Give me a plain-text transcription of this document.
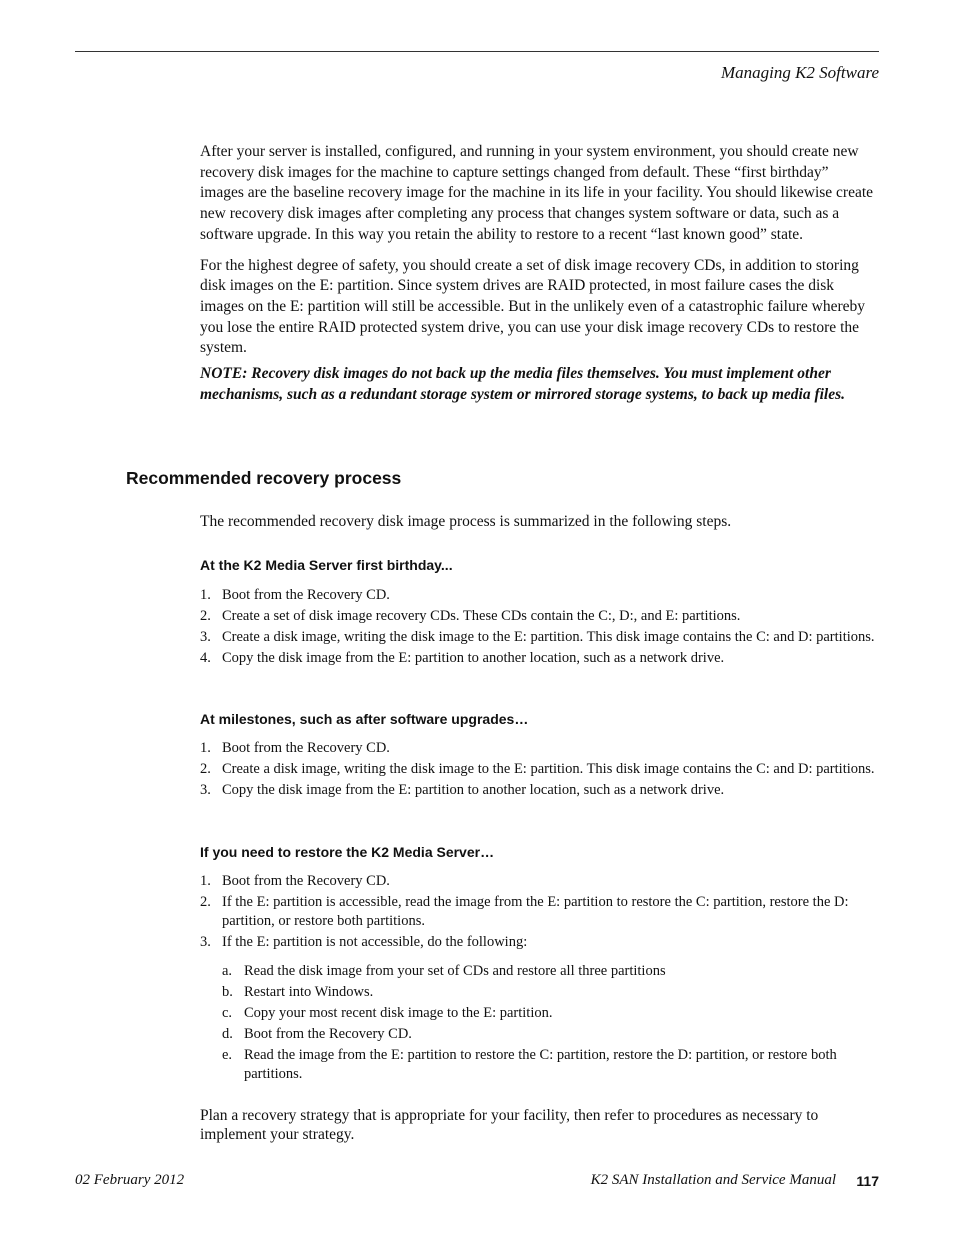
Managing K2 Software

After your server is installed, configured, and running in your system environment, you should create new recovery disk images for the machine to capture settings changed from default. These “first birthday” images are the baseline recovery image for the machine in its life in your facility. You should likewise create new recovery disk images after completing any process that changes system software or data, such as a software upgrade. In this way you retain the ability to restore to a recent “last known good” state.

For the highest degree of safety, you should create a set of disk image recovery CDs, in addition to storing disk images on the E: partition. Since system drives are RAID protected, in most failure cases the disk images on the E: partition will still be accessible. But in the unlikely even of a catastrophic failure whereby you lose the entire RAID protected system drive, you can use your disk image recovery CDs to restore the system.

NOTE: Recovery disk images do not back up the media files themselves. You must implement other mechanisms, such as a redundant storage system or mirrored storage systems, to back up media files.
Recommended recovery process

The recommended recovery disk image process is summarized in the following steps.

At the K2 Media Server first birthday...
1. Boot from the Recovery CD.
2. Create a set of disk image recovery CDs. These CDs contain the C:, D:, and E: partitions.
3. Create a disk image, writing the disk image to the E: partition. This disk image contains the C: and D: partitions.
4. Copy the disk image from the E: partition to another location, such as a network drive.
At milestones, such as after software upgrades…
1. Boot from the Recovery CD.
2. Create a disk image, writing the disk image to the E: partition. This disk image contains the C: and D: partitions.
3. Copy the disk image from the E: partition to another location, such as a network drive.
If you need to restore the K2 Media Server…
1. Boot from the Recovery CD.
2. If the E: partition is accessible, read the image from the E: partition to restore the C: partition, restore the D: partition, or restore both partitions.
3. If the E: partition is not accessible, do the following:
a. Read the disk image from your set of CDs and restore all three partitions
b. Restart into Windows.
c. Copy your most recent disk image to the E: partition.
d. Boot from the Recovery CD.
e. Read the image from the E: partition to restore the C: partition, restore the D: partition, or restore both partitions.

Plan a recovery strategy that is appropriate for your facility, then refer to procedures as necessary to implement your strategy.

02 February 2012	K2 SAN Installation and Service Manual 117
